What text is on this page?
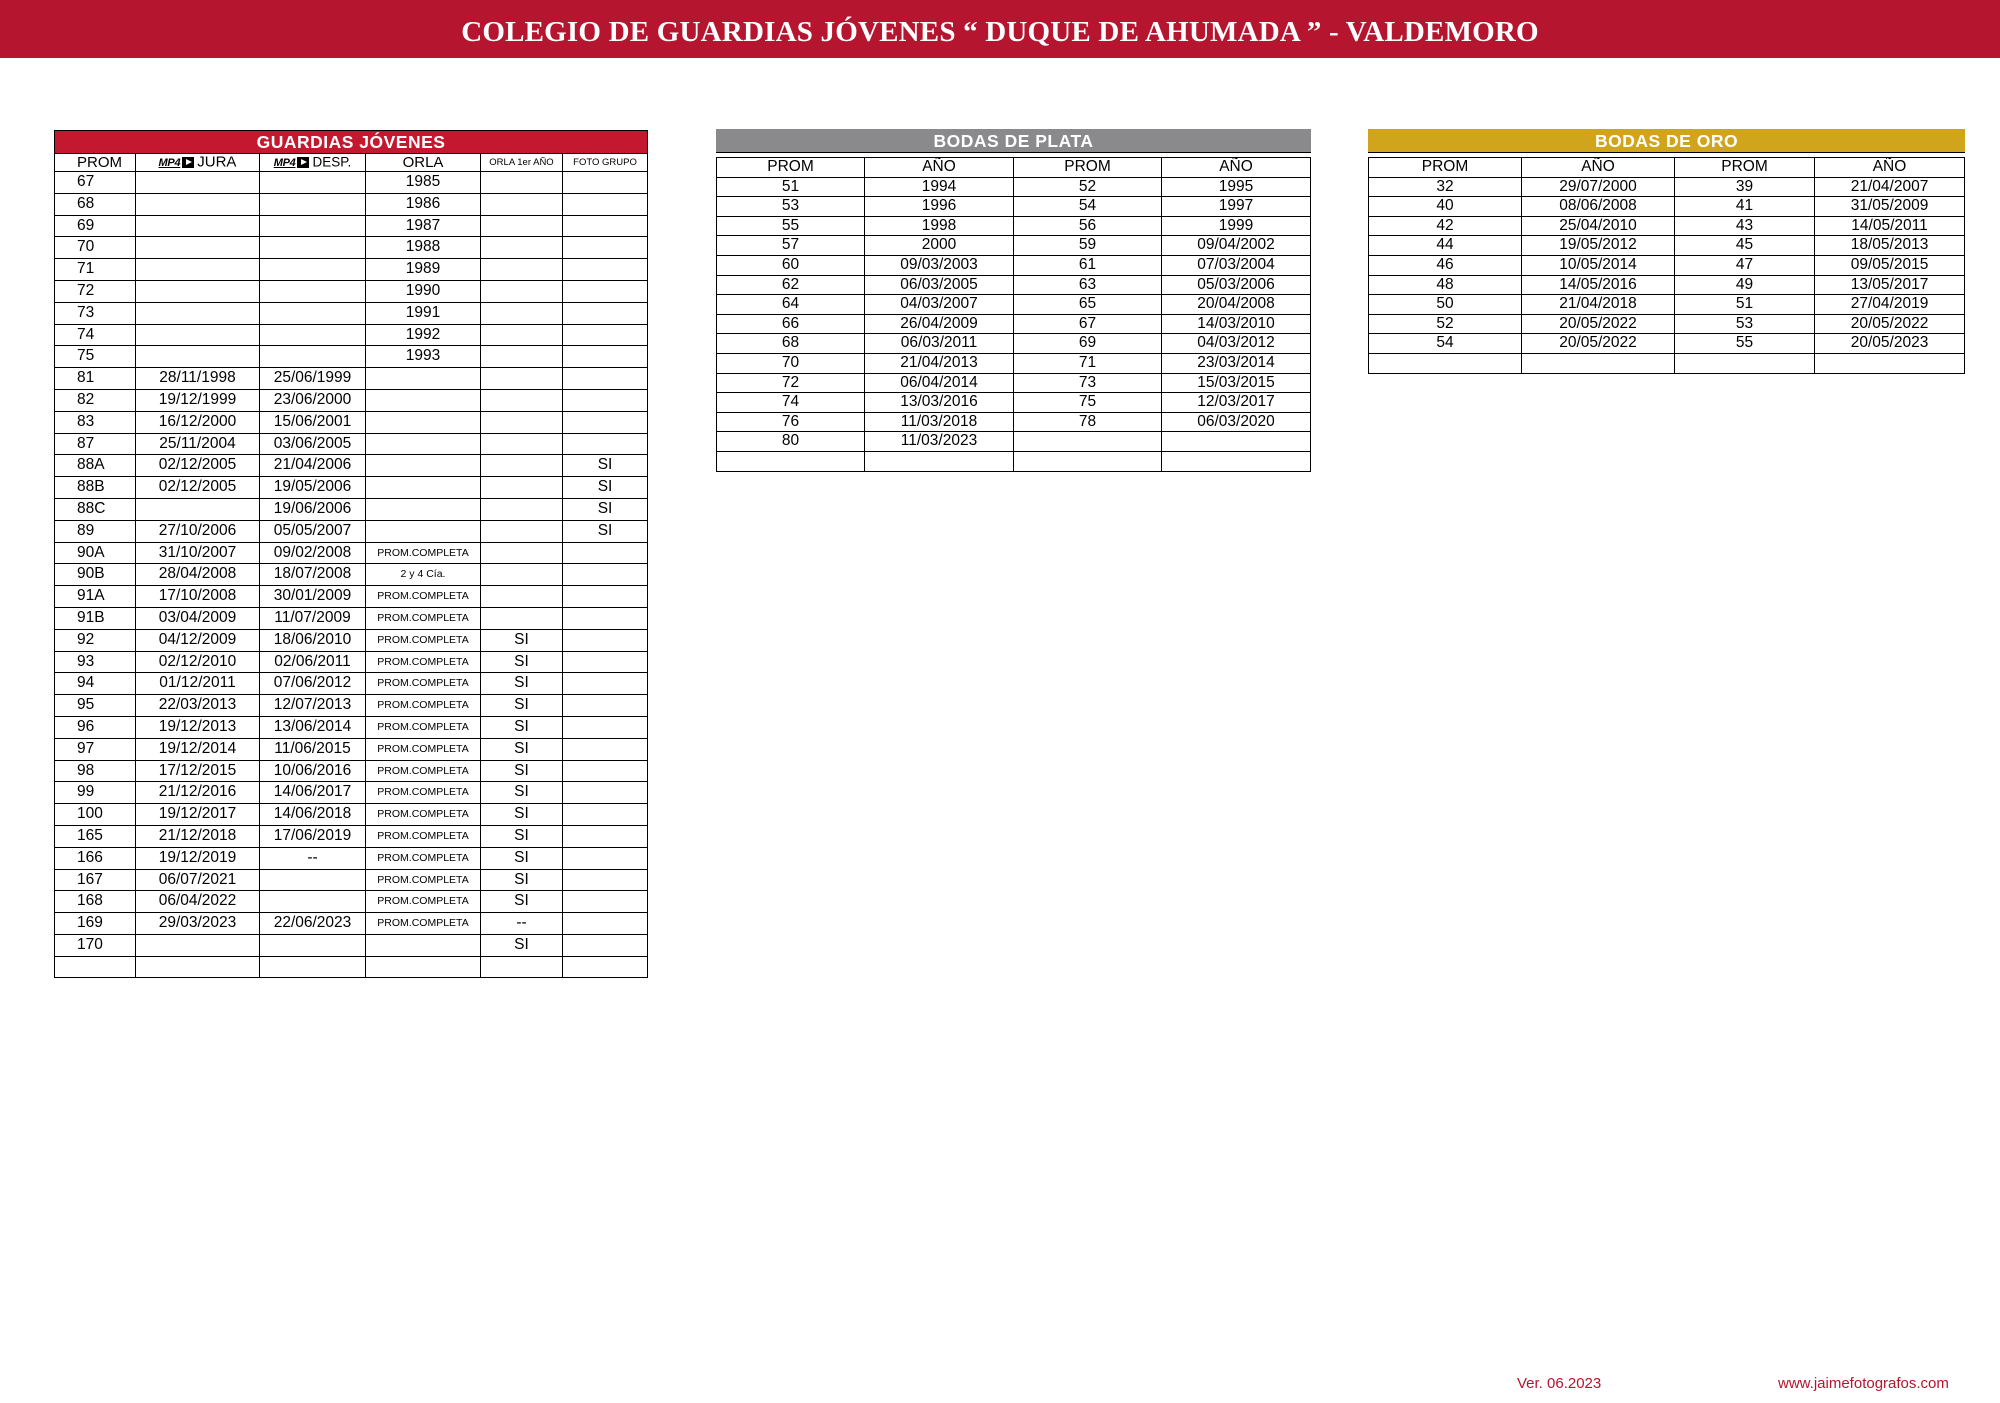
COLEGIO DE GUARDIAS JÓVENES “ DUQUE DE AHUMADA ” - VALDEMORO
GUARDIAS JÓVENES					
PROM	MP4 JURA	MP4 DESP.	ORLA	ORLA 1er AÑO	FOTO GRUPO
67			1985		
68			1986		
69			1987		
70			1988		
71			1989		
72			1990		
73			1991		
74			1992		
75			1993		
81	28/11/1998	25/06/1999			
82	19/12/1999	23/06/2000			
83	16/12/2000	15/06/2001			
87	25/11/2004	03/06/2005			
88A	02/12/2005	21/04/2006			SI
88B	02/12/2005	19/05/2006			SI
88C		19/06/2006			SI
89	27/10/2006	05/05/2007			SI
90A	31/10/2007	09/02/2008	PROM.COMPLETA		
90B	28/04/2008	18/07/2008	2 y 4 Cía.		
91A	17/10/2008	30/01/2009	PROM.COMPLETA		
91B	03/04/2009	11/07/2009	PROM.COMPLETA		
92	04/12/2009	18/06/2010	PROM.COMPLETA	SI	
93	02/12/2010	02/06/2011	PROM.COMPLETA	SI	
94	01/12/2011	07/06/2012	PROM.COMPLETA	SI	
95	22/03/2013	12/07/2013	PROM.COMPLETA	SI	
96	19/12/2013	13/06/2014	PROM.COMPLETA	SI	
97	19/12/2014	11/06/2015	PROM.COMPLETA	SI	
98	17/12/2015	10/06/2016	PROM.COMPLETA	SI	
99	21/12/2016	14/06/2017	PROM.COMPLETA	SI	
100	19/12/2017	14/06/2018	PROM.COMPLETA	SI	
165	21/12/2018	17/06/2019	PROM.COMPLETA	SI	
166	19/12/2019	--	PROM.COMPLETA	SI	
167	06/07/2021		PROM.COMPLETA	SI	
168	06/04/2022		PROM.COMPLETA	SI	
169	29/03/2023	22/06/2023	PROM.COMPLETA	--	
170				SI	

BODAS DE PLATA			

PROM	AÑO	PROM	AÑO
51	1994	52	1995
53	1996	54	1997
55	1998	56	1999
57	2000	59	09/04/2002
60	09/03/2003	61	07/03/2004
62	06/03/2005	63	05/03/2006
64	04/03/2007	65	20/04/2008
66	26/04/2009	67	14/03/2010
68	06/03/2011	69	04/03/2012
70	21/04/2013	71	23/03/2014
72	06/04/2014	73	15/03/2015
74	13/03/2016	75	12/03/2017
76	11/03/2018	78	06/03/2020
80	11/03/2023		

BODAS DE ORO			

PROM	AÑO	PROM	AÑO
32	29/07/2000	39	21/04/2007
40	08/06/2008	41	31/05/2009
42	25/04/2010	43	14/05/2011
44	19/05/2012	45	18/05/2013
46	10/05/2014	47	09/05/2015
48	14/05/2016	49	13/05/2017
50	21/04/2018	51	27/04/2019
52	20/05/2022	53	20/05/2022
54	20/05/2022	55	20/05/2023

Ver. 06.2023	www.jaimefotografos.com
